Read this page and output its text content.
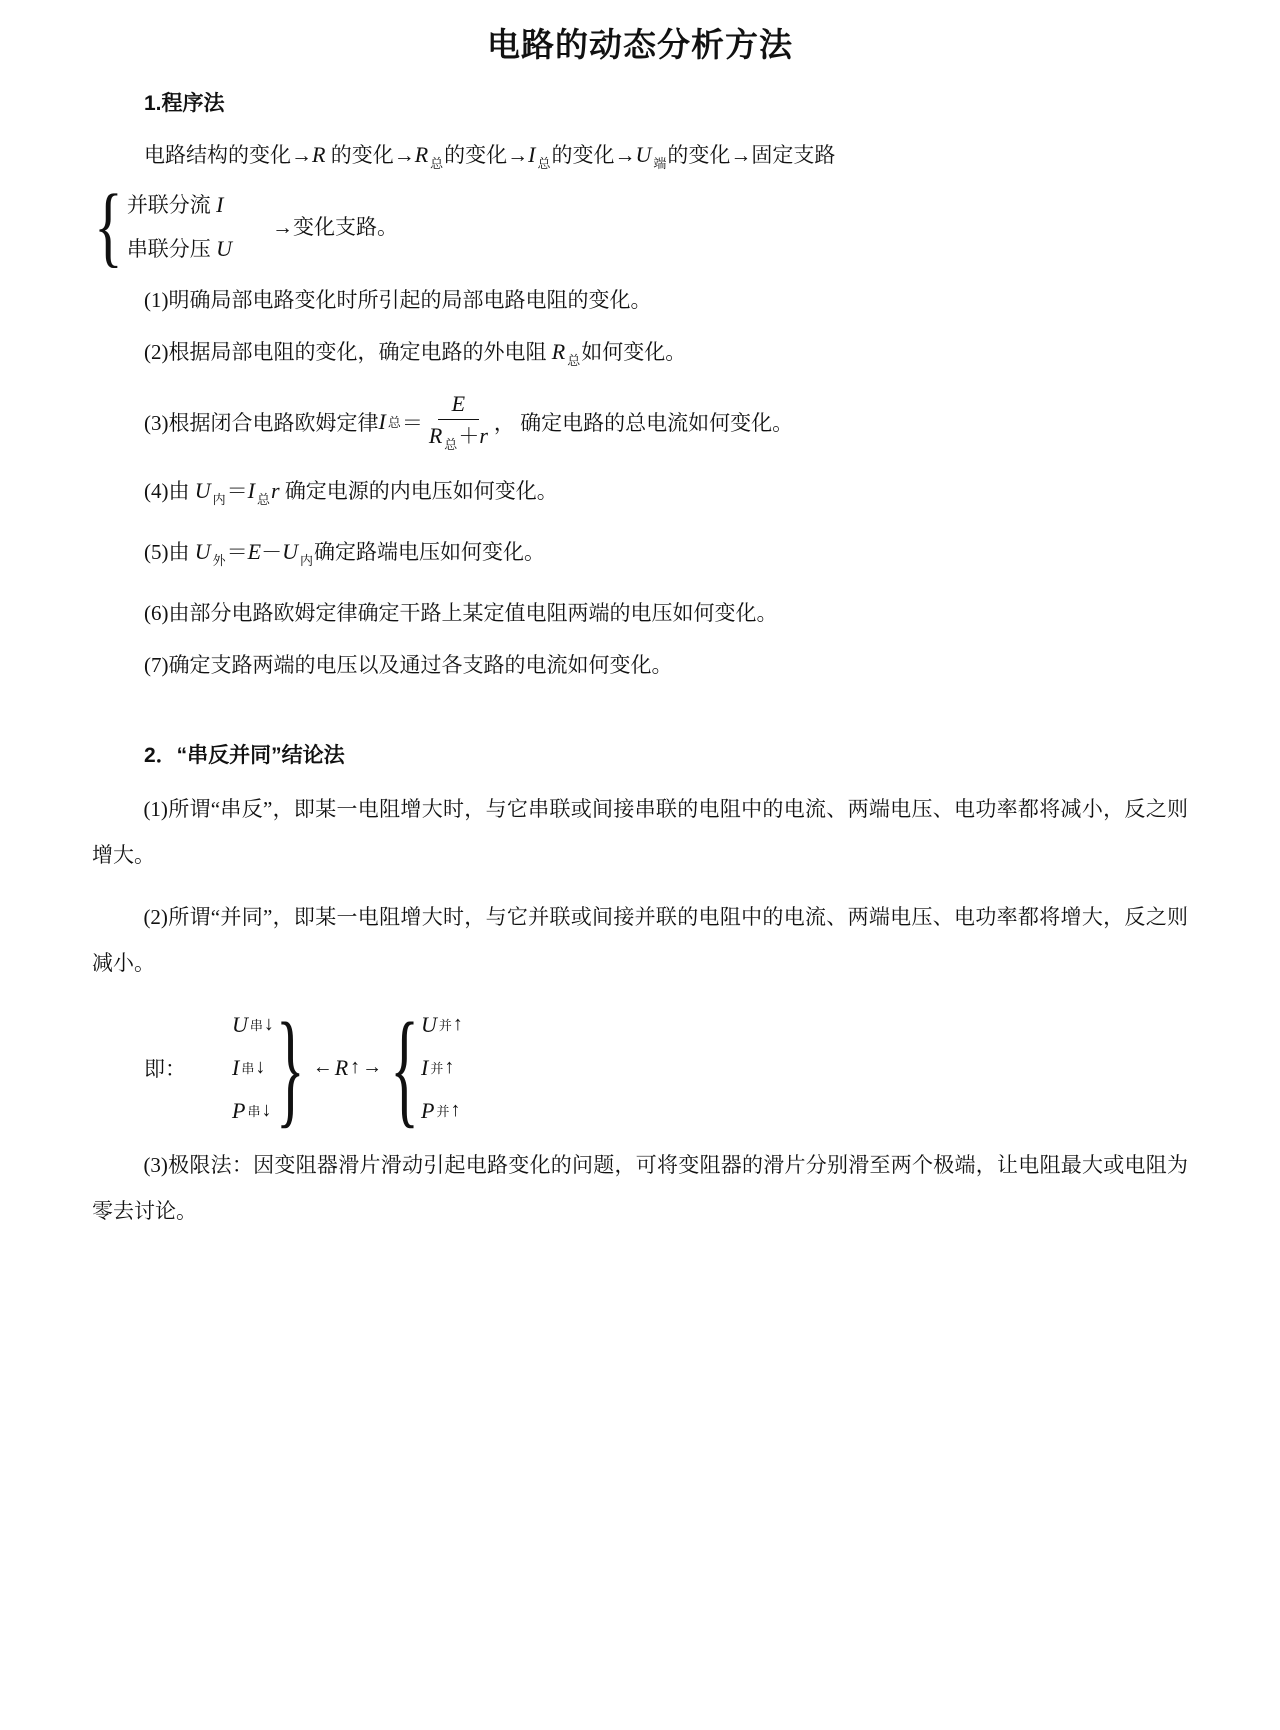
电路的动态分析方法
1.程序法
电路结构的变化→R 的变化→R $_总$的变化→I $_总$的变化→U $_端$的变化→固定支路
{ 并联分流 I
串联分压 U
→变化支路。
(1)明确局部电路变化时所引起的局部电路电阻的变化。
(2)根据局部电阻的变化，确定电路的外电阻 R $_总$如何变化。
(3)根据闭合电路欧姆定律 I 总 ＝ $\frac{E}{R _总+r}$ ， 确定电路的总电流如何变化。
(4)由 U $_内$＝I $_总$r 确定电源的内电压如何变化。
(5)由 U $_外$＝E－U $_内$确定路端电压如何变化。
(6)由部分电路欧姆定律确定干路上某定值电阻两端的电压如何变化。
(7)确定支路两端的电压以及通过各支路的电流如何变化。
2．“串反并同”结论法
(1)所谓“串反”，即某一电阻增大时，与它串联或间接串联的电阻中的电流、两端电压、电功率都将减小，反之则增大。
(2)所谓“并同”，即某一电阻增大时，与它并联或间接并联的电阻中的电流、两端电压、电功率都将增大，反之则减小。
即：
U 串 ↓
I 串 ↓
P 串 ↓ } ← R ↑ → { U 并 ↑
I 并 ↑
P 并 ↑
(3)极限法：因变阻器滑片滑动引起电路变化的问题，可将变阻器的滑片分别滑至两个极端，让电阻最大或电阻为零去讨论。
